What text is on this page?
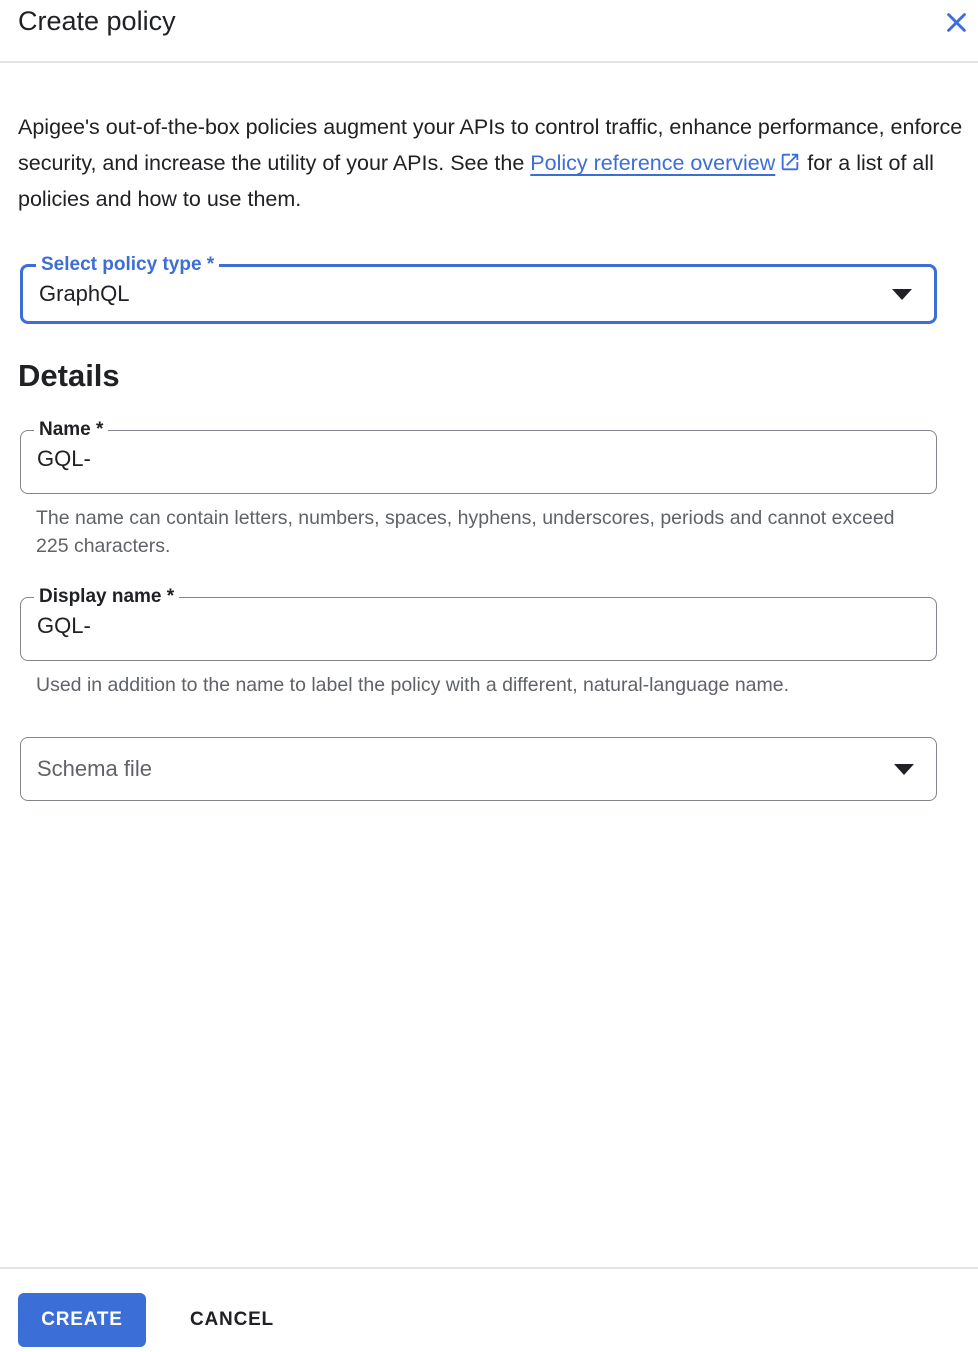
Create policy
Apigee's out-of-the-box policies augment your APIs to control traffic, enhance performance, enforce security, and increase the utility of your APIs. See the Policy reference overview for a list of all policies and how to use them.
Select policy type *
GraphQL
Details
Name *
GQL-
The name can contain letters, numbers, spaces, hyphens, underscores, periods and cannot exceed 225 characters.
Display name *
GQL-
Used in addition to the name to label the policy with a different, natural-language name.
Schema file
CREATE	CANCEL
